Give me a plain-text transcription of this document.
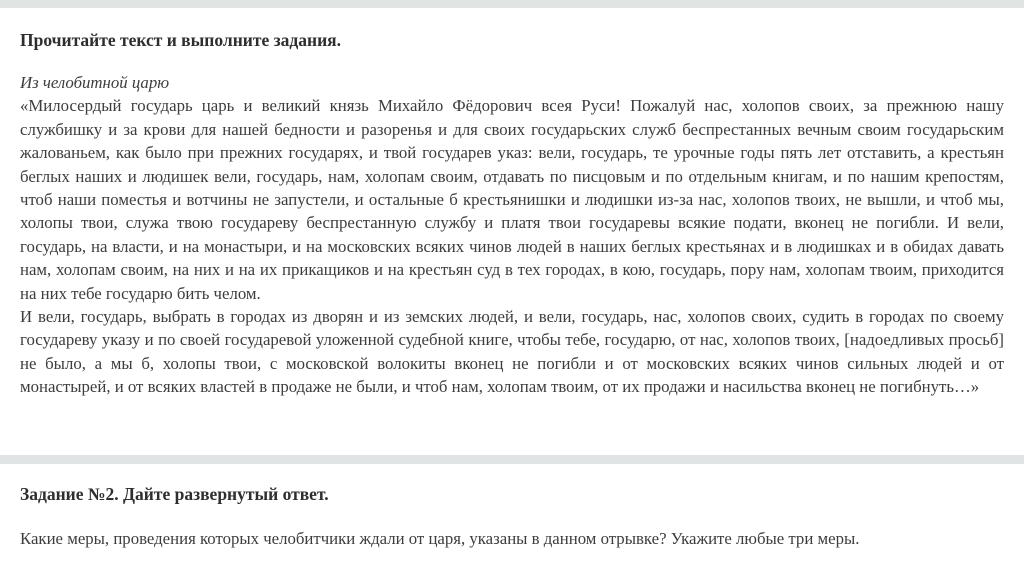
Прочитайте текст и выполните задания.

Из челобитной царю

«Милосердый государь царь и великий князь Михайло Фёдорович всея Руси! Пожалуй нас, холопов своих, за прежнюю нашу службишку и за крови для нашей бедности и разоренья и для своих государьских служб беспрестанных вечным своим государьским жалованьем, как было при прежних государях, и твой государев указ: вели, государь, те урочные годы пять лет отставить, а крестьян беглых наших и людишек вели, государь, нам, холопам своим, отдавать по писцовым и по отдельным книгам, и по нашим крепостям, чтоб наши поместья и вотчины не запустели, и остальные б крестьянишки и людишки из-за нас, холопов твоих, не вышли, и чтоб мы, холопы твои, служа твою государеву беспрестанную службу и платя твои государевы всякие подати, вконец не погибли. И вели, государь, на власти, и на монастыри, и на московских всяких чинов людей в наших беглых крестьянах и в людишках и в обидах давать нам, холопам своим, на них и на их прикащиков и на крестьян суд в тех городах, в кою, государь, пору нам, холопам твоим, приходится на них тебе государю бить челом.

И вели, государь, выбрать в городах из дворян и из земских людей, и вели, государь, нас, холопов своих, судить в городах по своему государеву указу и по своей государевой уложенной судебной книге, чтобы тебе, государю, от нас, холопов твоих, [надоедливых просьб] не было, а мы б, холопы твои, с московской волокиты вконец не погибли и от московских всяких чинов сильных людей и от монастырей, и от всяких властей в продаже не были, и чтоб нам, холопам твоим, от их продажи и насильства вконец не погибнуть…»

Задание №2. Дайте развернутый ответ.

Какие меры, проведения которых челобитчики ждали от царя, указаны в данном отрывке? Укажите любые три меры.
